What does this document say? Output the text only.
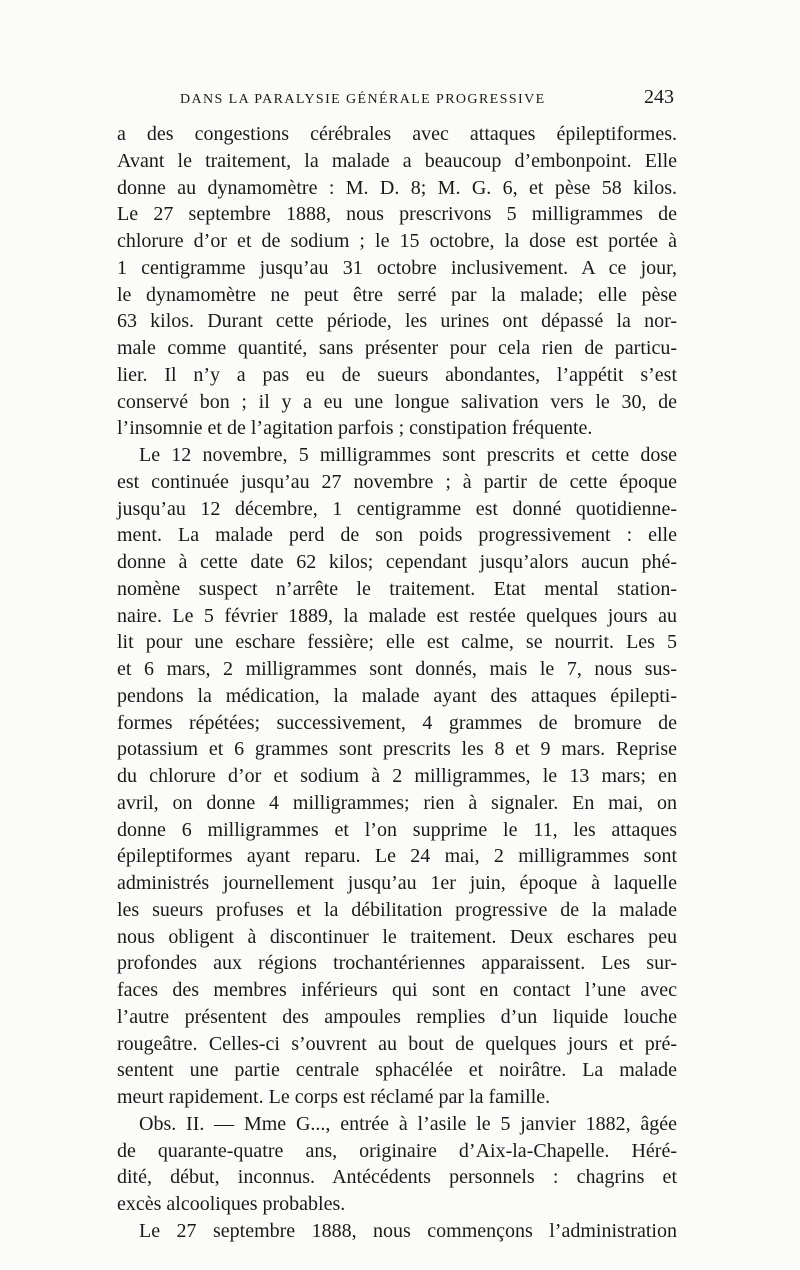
DANS LA PARALYSIE GÉNÉRALE PROGRESSIVE	243
a des congestions cérébrales avec attaques épileptiformes.
Avant le traitement, la malade a beaucoup d’embonpoint. Elle
donne au dynamomètre : M. D. 8; M. G. 6, et pèse 58 kilos.
Le 27 septembre 1888, nous prescrivons 5 milligrammes de
chlorure d’or et de sodium ; le 15 octobre, la dose est portée à
1 centigramme jusqu’au 31 octobre inclusivement. A ce jour,
le dynamomètre ne peut être serré par la malade; elle pèse
63 kilos. Durant cette période, les urines ont dépassé la nor-
male comme quantité, sans présenter pour cela rien de particu-
lier. Il n’y a pas eu de sueurs abondantes, l’appétit s’est
conservé bon ; il y a eu une longue salivation vers le 30, de
l’insomnie et de l’agitation parfois ; constipation fréquente.
Le 12 novembre, 5 milligrammes sont prescrits et cette dose
est continuée jusqu’au 27 novembre ; à partir de cette époque
jusqu’au 12 décembre, 1 centigramme est donné quotidienne-
ment. La malade perd de son poids progressivement : elle
donne à cette date 62 kilos; cependant jusqu’alors aucun phé-
nomène suspect n’arrête le traitement. Etat mental station-
naire. Le 5 février 1889, la malade est restée quelques jours au
lit pour une eschare fessière; elle est calme, se nourrit. Les 5
et 6 mars, 2 milligrammes sont donnés, mais le 7, nous sus-
pendons la médication, la malade ayant des attaques épilepti-
formes répétées; successivement, 4 grammes de bromure de
potassium et 6 grammes sont prescrits les 8 et 9 mars. Reprise
du chlorure d’or et sodium à 2 milligrammes, le 13 mars; en
avril, on donne 4 milligrammes; rien à signaler. En mai, on
donne 6 milligrammes et l’on supprime le 11, les attaques
épileptiformes ayant reparu. Le 24 mai, 2 milligrammes sont
administrés journellement jusqu’au 1er juin, époque à laquelle
les sueurs profuses et la débilitation progressive de la malade
nous obligent à discontinuer le traitement. Deux eschares peu
profondes aux régions trochantériennes apparaissent. Les sur-
faces des membres inférieurs qui sont en contact l’une avec
l’autre présentent des ampoules remplies d’un liquide louche
rougeâtre. Celles-ci s’ouvrent au bout de quelques jours et pré-
sentent une partie centrale sphacélée et noirâtre. La malade
meurt rapidement. Le corps est réclamé par la famille.
Obs. II. — Mme G..., entrée à l’asile le 5 janvier 1882, âgée
de quarante-quatre ans, originaire d’Aix-la-Chapelle. Héré-
dité, début, inconnus. Antécédents personnels : chagrins et
excès alcooliques probables.
Le 27 septembre 1888, nous commençons l’administration
